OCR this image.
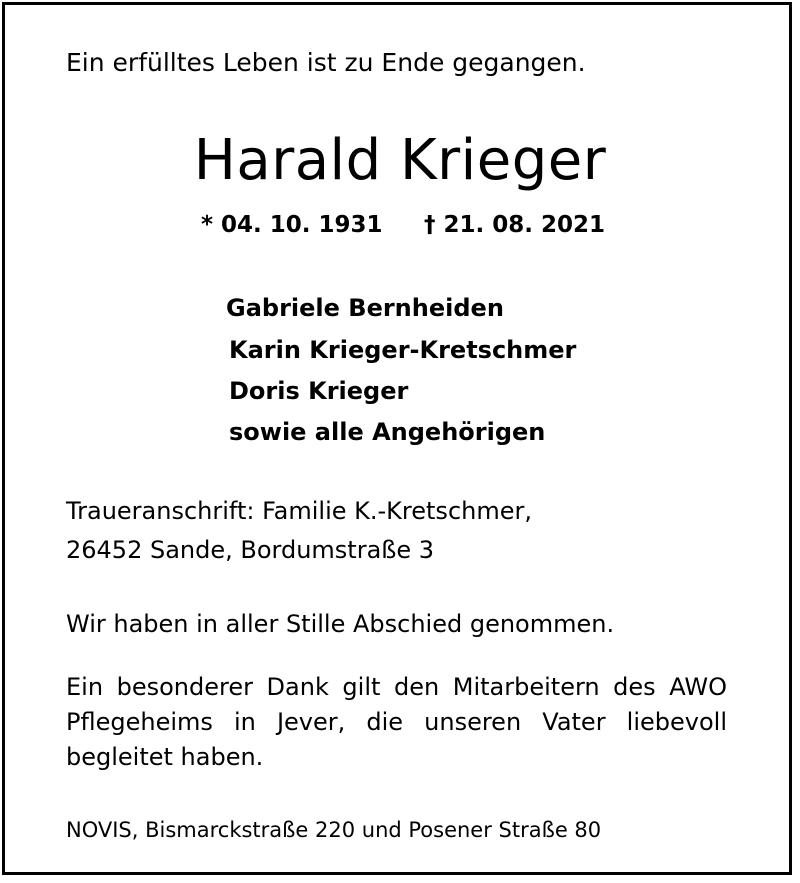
Ein erfülltes Leben ist zu Ende gegangen.

Harald Krieger
* 04. 10. 1931 † 21. 08. 2021
Gabriele Bernheiden
Karin Krieger-Kretschmer
Doris Krieger
sowie alle Angehörigen
Traueranschrift: Familie K.-Kretschmer,
26452 Sande, Bordumstraße 3

Wir haben in aller Stille Abschied genommen.

Ein besonderer Dank gilt den Mitarbeitern des AWO
Pflegeheims in Jever, die unseren Vater liebevoll
begleitet haben.

NOVIS, Bismarckstraße 220 und Posener Straße 80
